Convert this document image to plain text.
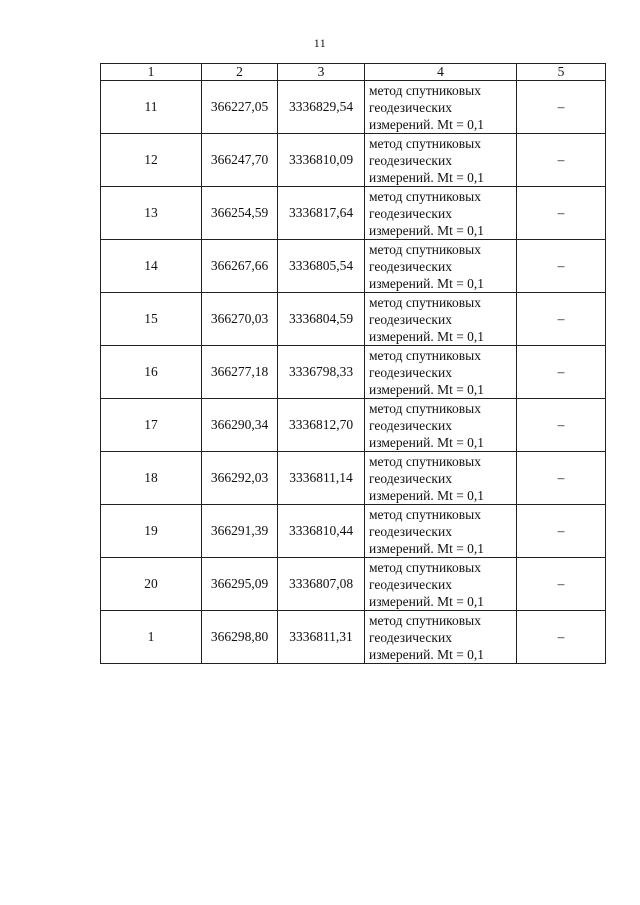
11
1	2	3	4	5
11	366227,05	3336829,54	метод спутниковых
геодезических
измерений. Mt = 0,1	–
12	366247,70	3336810,09	метод спутниковых
геодезических
измерений. Mt = 0,1	–
13	366254,59	3336817,64	метод спутниковых
геодезических
измерений. Mt = 0,1	–
14	366267,66	3336805,54	метод спутниковых
геодезических
измерений. Mt = 0,1	–
15	366270,03	3336804,59	метод спутниковых
геодезических
измерений. Mt = 0,1	–
16	366277,18	3336798,33	метод спутниковых
геодезических
измерений. Mt = 0,1	–
17	366290,34	3336812,70	метод спутниковых
геодезических
измерений. Mt = 0,1	–
18	366292,03	3336811,14	метод спутниковых
геодезических
измерений. Mt = 0,1	–
19	366291,39	3336810,44	метод спутниковых
геодезических
измерений. Mt = 0,1	–
20	366295,09	3336807,08	метод спутниковых
геодезических
измерений. Mt = 0,1	–
1	366298,80	3336811,31	метод спутниковых
геодезических
измерений. Mt = 0,1	–
